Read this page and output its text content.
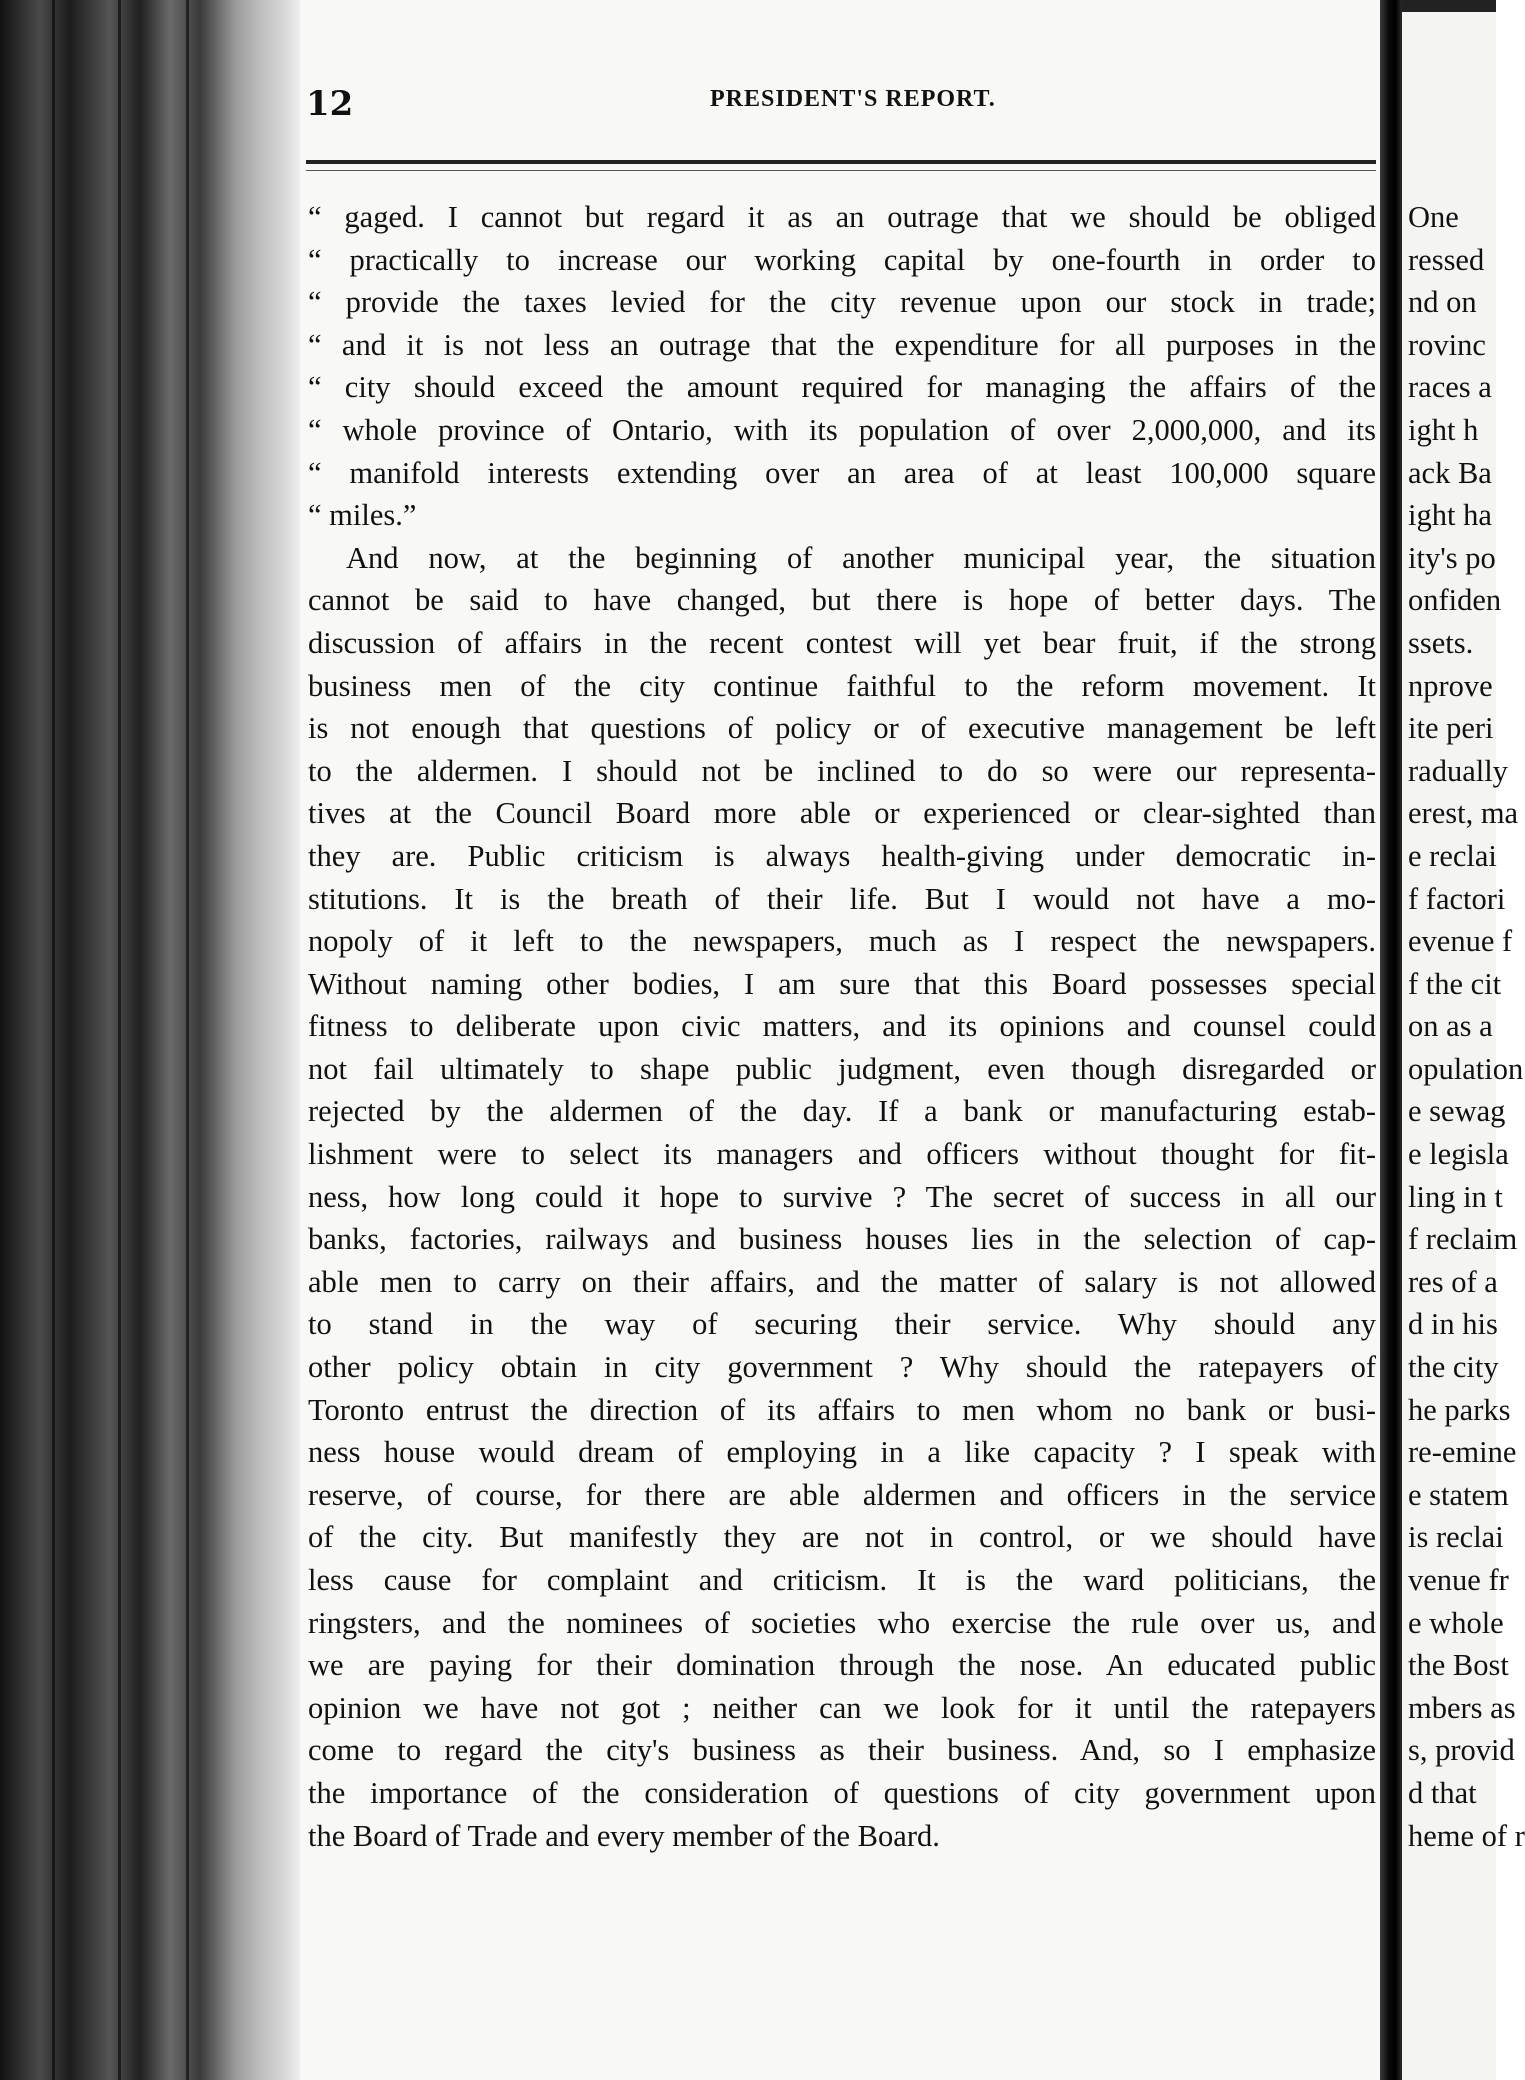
12	PRESIDENT'S REPORT.
“ gaged. I cannot but regard it as an outrage that we should be obliged
“ practically to increase our working capital by one-fourth in order to
“ provide the taxes levied for the city revenue upon our stock in trade;
“ and it is not less an outrage that the expenditure for all purposes in the
“ city should exceed the amount required for managing the affairs of the
“ whole province of Ontario, with its population of over 2,000,000, and its
“ manifold interests extending over an area of at least 100,000 square
“ miles.”
And now, at the beginning of another municipal year, the situation
cannot be said to have changed, but there is hope of better days. The
discussion of affairs in the recent contest will yet bear fruit, if the strong
business men of the city continue faithful to the reform movement. It
is not enough that questions of policy or of executive management be left
to the aldermen. I should not be inclined to do so were our representa-
tives at the Council Board more able or experienced or clear-sighted than
they are. Public criticism is always health-giving under democratic in-
stitutions. It is the breath of their life. But I would not have a mo-
nopoly of it left to the newspapers, much as I respect the newspapers.
Without naming other bodies, I am sure that this Board possesses special
fitness to deliberate upon civic matters, and its opinions and counsel could
not fail ultimately to shape public judgment, even though disregarded or
rejected by the aldermen of the day. If a bank or manufacturing estab-
lishment were to select its managers and officers without thought for fit-
ness, how long could it hope to survive ? The secret of success in all our
banks, factories, railways and business houses lies in the selection of cap-
able men to carry on their affairs, and the matter of salary is not allowed
to stand in the way of securing their service. Why should any
other policy obtain in city government ? Why should the ratepayers of
Toronto entrust the direction of its affairs to men whom no bank or busi-
ness house would dream of employing in a like capacity ? I speak with
reserve, of course, for there are able aldermen and officers in the service
of the city. But manifestly they are not in control, or we should have
less cause for complaint and criticism. It is the ward politicians, the
ringsters, and the nominees of societies who exercise the rule over us, and
we are paying for their domination through the nose. An educated public
opinion we have not got ; neither can we look for it until the ratepayers
come to regard the city's business as their business. And, so I emphasize
the importance of the consideration of questions of city government upon
the Board of Trade and every member of the Board.
One
ressed
nd on
rovinc
races a
ight h
ack Ba
ight ha
ity's po
onfiden
ssets.
nprove
ite peri
radually
erest, ma
e reclai
f factori
evenue f
f the cit
on as a
opulation
e sewag
e legisla
ling in t
f reclaim
res of a
d in his
the city
he parks
re-emine
e statem
is reclai
venue fr
e whole
the Bost
mbers as
s, provid
d that
heme of r
